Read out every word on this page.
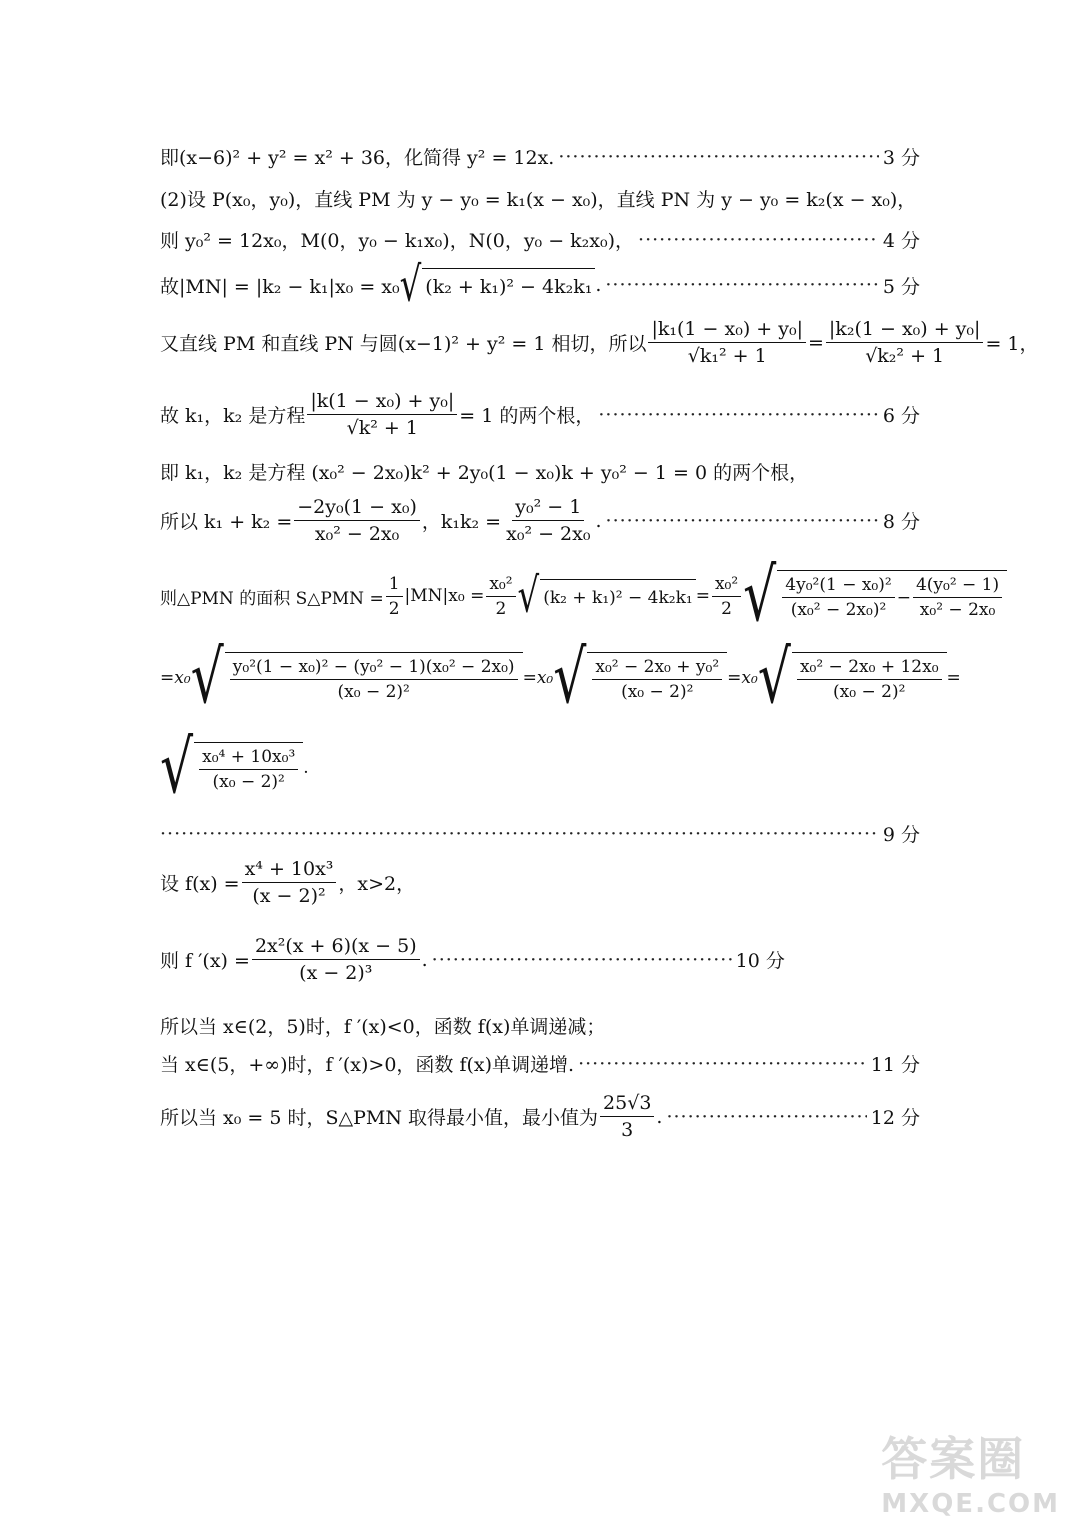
即(x−6)² + y² = x² + 36，化简得 y² = 12x. ·····	3 分
(2)设 P(x₀，y₀)，直线 PM 为 y − y₀ = k₁(x − x₀)，直线 PN 为 y − y₀ = k₂(x − x₀)，
则 y₀² = 12x₀，M(0，y₀ − k₁x₀)，N(0，y₀ − k₂x₀)， ·····	4 分
故|MN| = |k₂ − k₁|x₀ = x₀ √ (k₂ + k₁)² − 4k₂k₁ . ·····	5 分
又直线 PM 和直线 PN 与圆(x−1)² + y² = 1 相切，所以 $\frac{\text{|k₁(1 − x₀) + y₀|}}{\text{√k₁² + 1}} = \frac{\text{|k₂(1 − x₀) + y₀|}}{\text{√k₂² + 1}} = 1$，
故 k₁，k₂ 是方程 $\frac{\text{|k(1 − x₀) + y₀|}}{\text{√k² + 1}} = 1$ 的两个根， ·····	6 分
即 k₁，k₂ 是方程 (x₀² − 2x₀)k² + 2y₀(1 − x₀)k + y₀² − 1 = 0 的两个根，
所以 $k_1 + k_2 = \frac{\text{−2y₀(1 − x₀)}}{\text{x₀² − 2x₀}}$ ，$k_1k_2 = \frac{\text{y₀² − 1}}{\text{x₀² − 2x₀}}$ . ·····	8 分
则△PMN 的面积 S△PMN = $\frac{1}{2} |MN|x_0 = \frac{\text{x₀²}}{2}$ √ $(k_2 + k_1)^2 - 4k_2k_1 = \frac{\text{x₀²}}{2}$ √ $\frac{\text{4y₀²(1 − x₀)²}}{\text{(x₀² − 2x₀)²}} - \frac{\text{4(y₀² − 1)}}{\text{x₀² − 2x₀}}$
= x₀ √ $\frac{\text{y₀²(1 − x₀)² − (y₀² − 1)(x₀² − 2x₀)}}{\text{(x₀ − 2)²}} = x_0$ √ $\frac{\text{x₀² − 2x₀ + y₀²}}{\text{(x₀ − 2)²}} = x_0$ √ $\frac{\text{x₀² − 2x₀ + 12x₀}}{\text{(x₀ − 2)²}}$ =
√ $\frac{\text{x₀⁴ + 10x₀³}}{\text{(x₀ − 2)²}}$ .
·····
9 分
设 $f(x) = \frac{\text{x⁴ + 10x³}}{\text{(x − 2)²}}$ ，x>2，
则 f $'(x) = \frac{\text{2x²(x + 6)(x − 5)}}{\text{(x − 2)³}}$ . ·····	10 分
所以当 x∈(2，5)时，f ′(x)<0，函数 f(x)单调递减；
当 x∈(5，+∞)时，f ′(x)>0，函数 f(x)单调递增. ·····	11 分
所以当 x₀ = 5 时，S△PMN 取得最小值，最小值为 $\frac{25√3}{3}$ . ·····	12 分
答案圈
MXQE.COM
